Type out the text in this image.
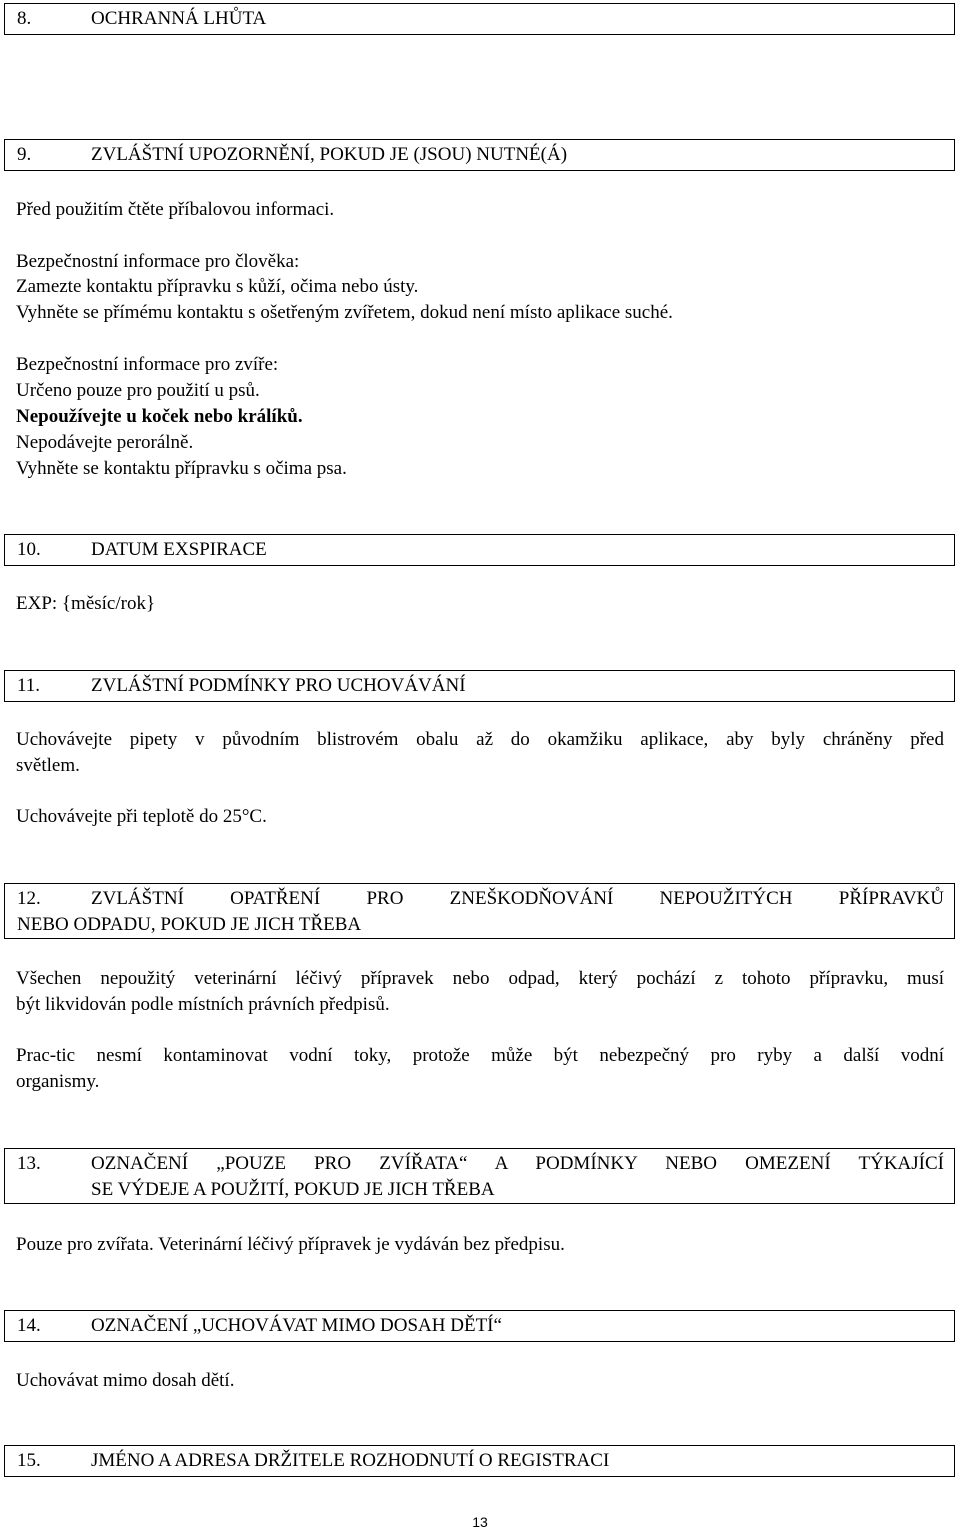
8.	OCHRANNÁ LHŮTA
9.	ZVLÁŠTNÍ UPOZORNĚNÍ, POKUD JE (JSOU) NUTNÉ(Á)
Před použitím čtěte příbalovou informaci.
Bezpečnostní informace pro člověka:
Zamezte kontaktu přípravku s kůží, očima nebo ústy.
Vyhněte se přímému kontaktu s ošetřeným zvířetem, dokud není místo aplikace suché.
Bezpečnostní informace pro zvíře:
Určeno pouze pro použití u psů.
Nepoužívejte u koček nebo králíků.
Nepodávejte perorálně.
Vyhněte se kontaktu přípravku s očima psa.
10.	DATUM EXSPIRACE
EXP: {měsíc/rok}
11.	ZVLÁŠTNÍ PODMÍNKY PRO UCHOVÁVÁNÍ
Uchovávejte pipety v původním blistrovém obalu až do okamžiku aplikace, aby byly chráněny před
světlem.
Uchovávejte při teplotě do 25°C.
12.	ZVLÁŠTNÍ OPATŘENÍ PRO ZNEŠKODŇOVÁNÍ NEPOUŽITÝCH PŘÍPRAVKŮ
NEBO ODPADU, POKUD JE JICH TŘEBA
Všechen nepoužitý veterinární léčivý přípravek nebo odpad, který pochází z tohoto přípravku, musí
být likvidován podle místních právních předpisů.
Prac-tic nesmí kontaminovat vodní toky, protože může být nebezpečný pro ryby a další vodní
organismy.
13.	OZNAČENÍ „POUZE PRO ZVÍŘATA“ A PODMÍNKY NEBO OMEZENÍ TÝKAJÍCÍ
SE VÝDEJE A POUŽITÍ, POKUD JE JICH TŘEBA
Pouze pro zvířata. Veterinární léčivý přípravek je vydáván bez předpisu.
14.	OZNAČENÍ „UCHOVÁVAT MIMO DOSAH DĚTÍ“
Uchovávat mimo dosah dětí.
15.	JMÉNO A ADRESA DRŽITELE ROZHODNUTÍ O REGISTRACI
13
